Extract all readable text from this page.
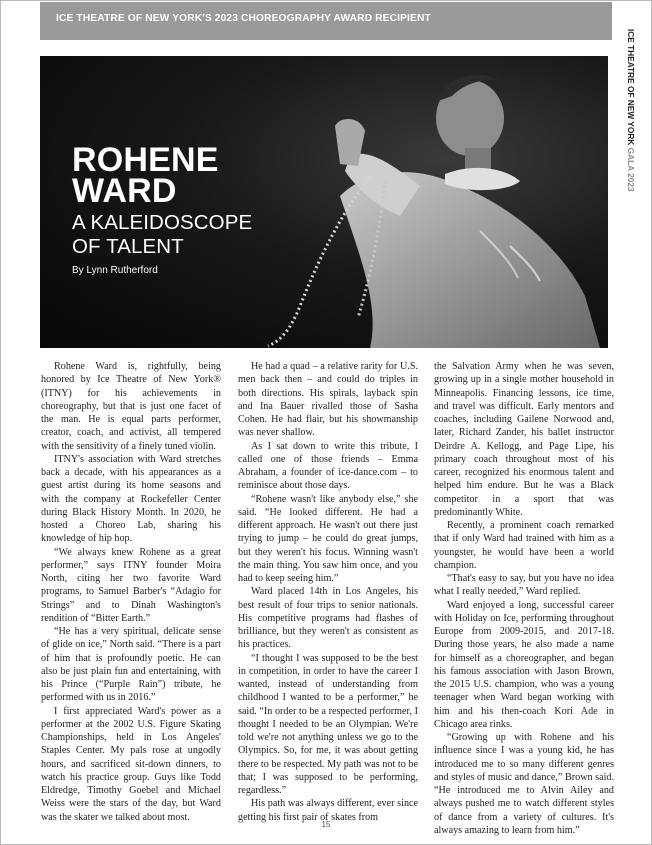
ICE THEATRE OF NEW YORK'S 2023 CHOREOGRAPHY AWARD RECIPIENT
ICE THEATRE OF NEW YORK GALA 2023
ROHENE
WARD
A KALEIDOSCOPE
OF TALENT
By Lynn Rutherford

Rohene Ward is, rightfully, being honored by Ice Theatre of New York® (ITNY) for his achievements in choreography, but that is just one facet of the man. He is equal parts performer, creator, coach, and activist, all tempered with the sensitivity of a finely tuned violin.

ITNY's association with Ward stretches back a decade, with his appearances as a guest artist during its home seasons and with the company at Rockefeller Center during Black History Month. In 2020, he hosted a Choreo Lab, sharing his knowledge of hip hop.

“We always knew Rohene as a great performer,” says ITNY founder Moira North, citing her two favorite Ward programs, to Samuel Barber's “Adagio for Strings” and to Dinah Washington's rendition of “Bitter Earth.”

“He has a very spiritual, delicate sense of glide on ice,” North said. “There is a part of him that is profoundly poetic. He can also be just plain fun and entertaining, with his Prince (“Purple Rain”) tribute, he performed with us in 2016.”

I first appreciated Ward's power as a performer at the 2002 U.S. Figure Skating Championships, held in Los Angeles' Staples Center. My pals rose at ungodly hours, and sacrificed sit-down dinners, to watch his practice group. Guys like Todd Eldredge, Timothy Goebel and Michael Weiss were the stars of the day, but Ward was the skater we talked about most.

He had a quad – a relative rarity for U.S. men back then – and could do triples in both directions. His spirals, layback spin and Ina Bauer rivalled those of Sasha Cohen. He had flair, but his showmanship was never shallow.

As I sat down to write this tribute, I called one of those friends – Emma Abraham, a founder of ice-dance.com – to reminisce about those days.

“Rohene wasn't like anybody else,” she said. “He looked different. He had a different approach. He wasn't out there just trying to jump – he could do great jumps, but they weren't his focus. Winning wasn't the main thing. You saw him once, and you had to keep seeing him.”

Ward placed 14th in Los Angeles, his best result of four trips to senior nationals. His competitive programs had flashes of brilliance, but they weren't as consistent as his practices.

“I thought I was supposed to be the best in competition, in order to have the career I wanted, instead of understanding from childhood I wanted to be a performer,” he said. “In order to be a respected performer, I thought I needed to be an Olympian. We're told we're not anything unless we go to the Olympics. So, for me, it was about getting there to be respected. My path was not to be that; I was supposed to be performing, regardless.”

His path was always different, ever since getting his first pair of skates from

the Salvation Army when he was seven, growing up in a single mother household in Minneapolis. Financing lessons, ice time, and travel was difficult. Early mentors and coaches, including Gailene Norwood and, later, Richard Zander, his ballet instructor Deirdre A. Kellogg, and Page Lipe, his primary coach throughout most of his career, recognized his enormous talent and helped him endure. But he was a Black competitor in a sport that was predominantly White.

Recently, a prominent coach remarked that if only Ward had trained with him as a youngster, he would have been a world champion.

“That's easy to say, but you have no idea what I really needed,” Ward replied.

Ward enjoyed a long, successful career with Holiday on Ice, performing throughout Europe from 2009-2015, and 2017-18. During those years, he also made a name for himself as a choreographer, and began his famous association with Jason Brown, the 2015 U.S. champion, who was a young teenager when Ward began working with him and his then-coach Kori Ade in Chicago area rinks.

“Growing up with Rohene and his influence since I was a young kid, he has introduced me to so many different genres and styles of music and dance,” Brown said. “He introduced me to Alvin Ailey and always pushed me to watch different styles of dance from a variety of cultures. It's always amazing to learn from him.”

15
